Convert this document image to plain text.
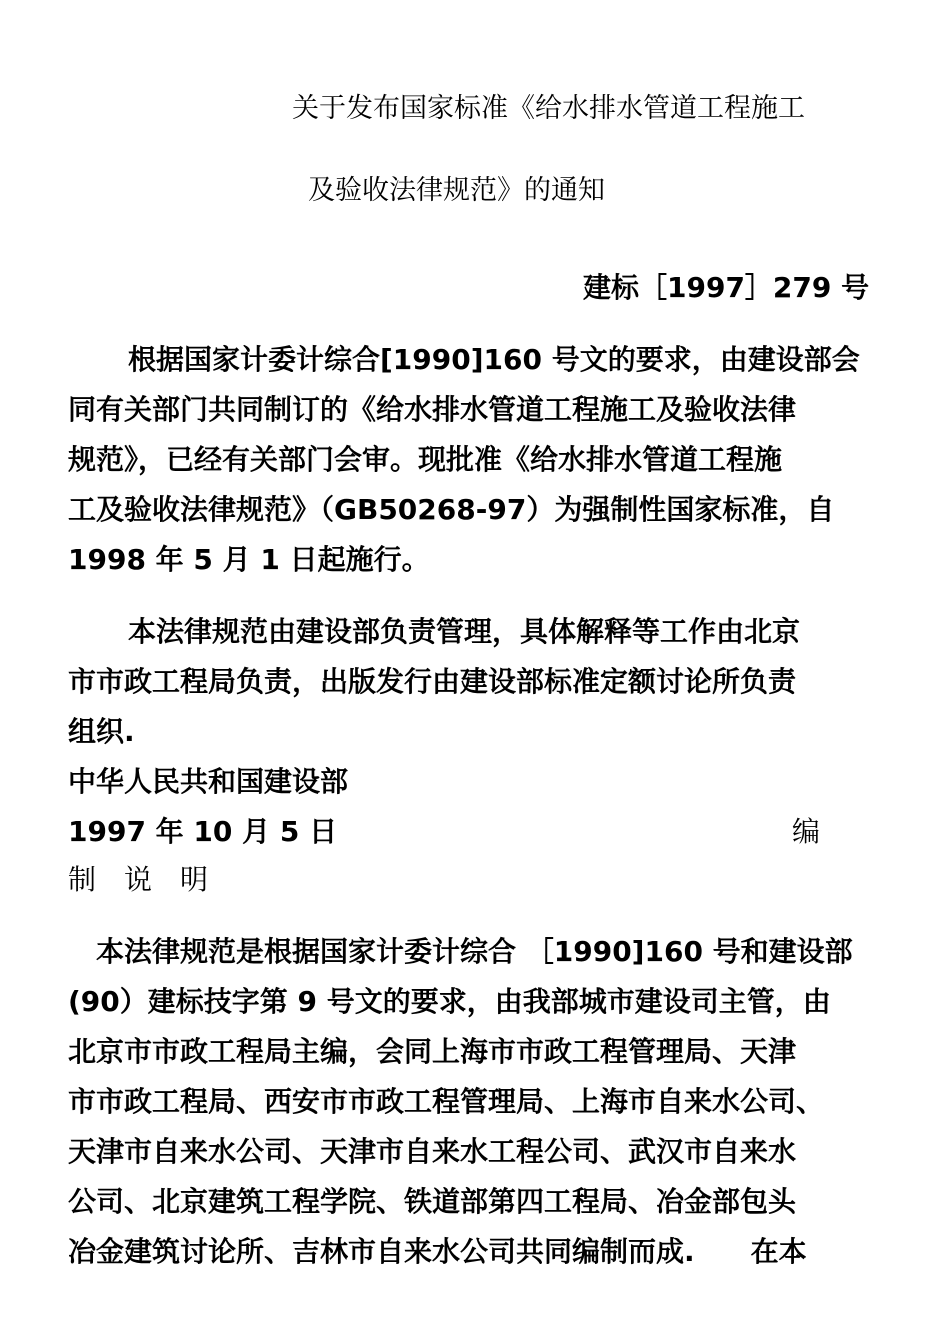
关于发布国家标准《给水排水管道工程施工
及验收法律规范》的通知
建标［1997］279 号
根据国家计委计综合[1990]160 号文的要求，由建设部会
同有关部门共同制订的《给水排水管道工程施工及验收法律
规范》，已经有关部门会审。现批准《给水排水管道工程施
工及验收法律规范》（GB50268-97）为强制性国家标准，自
1998 年 5 月 1 日起施行。
本法律规范由建设部负责管理，具体解释等工作由北京
市市政工程局负责，出版发行由建设部标准定额讨论所负责
组织.
中华人民共和国建设部
1997 年 10 月 5 日	编
制　说　明
本法律规范是根据国家计委计综合 ［1990]160 号和建设部
(90）建标技字第 9 号文的要求，由我部城市建设司主管，由
北京市市政工程局主编，会同上海市市政工程管理局、天津
市市政工程局、西安市市政工程管理局、上海市自来水公司、
天津市自来水公司、天津市自来水工程公司、武汉市自来水
公司、北京建筑工程学院、铁道部第四工程局、冶金部包头
冶金建筑讨论所、吉林市自来水公司共同编制而成.　　在本
